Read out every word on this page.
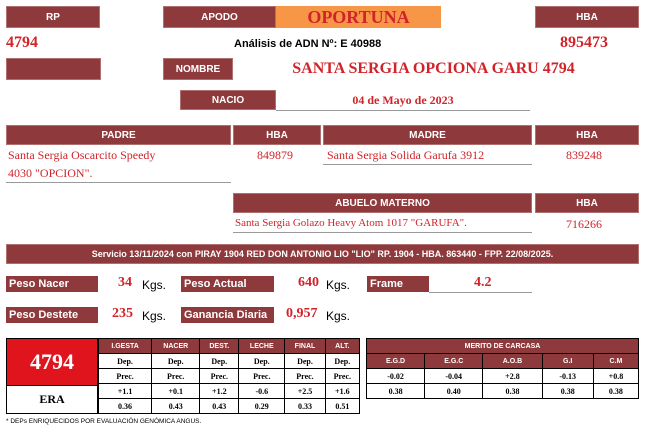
RP	APODO	OPORTUNA	HBA
4794	Análisis de ADN Nº: E 40988	895473
NOMBRE	SANTA SERGIA OPCIONA GARU 4794
NACIO	04 de Mayo de 2023
PADRE	HBA	MADRE	HBA
Santa Sergia Oscarcito Speedy
4030 "OPCION".
849879	Santa Sergia Solida Garufa 3912	839248
ABUELO MATERNO	HBA
Santa Sergia Golazo Heavy Atom 1017 "GARUFA".	716266
Servicio 13/11/2024 con PIRAY 1904 RED DON ANTONIO LIO "LIO" RP. 1904 - HBA. 863440 - FPP. 22/08/2025.
Peso Nacer	34 Kgs. Peso Actual	640 Kgs. Frame	4.2
Peso Destete	235 Kgs. Ganancia Diaria	0,957 Kgs.
4794
ERA
I.GESTA	NACER	DEST.	LECHE	FINAL	ALT.
Dep.	Dep.	Dep.	Dep.	Dep.	Dep.
Prec.	Prec.	Prec.	Prec.	Prec.	Prec.
+1.1	+0.1	+1.2	-0.6	+2.5	+1.6
0.36	0.43	0.43	0.29	0.33	0.51
MERITO DE CARCASA				
E.G.D	E.G.C	A.O.B	G.I	C.M
-0.02	-0.04	+2.8	-0.13	+0.8
0.38	0.40	0.38	0.38	0.38
* DEPs ENRIQUECIDOS POR EVALUACIÓN GENÓMICA ANGUS.
